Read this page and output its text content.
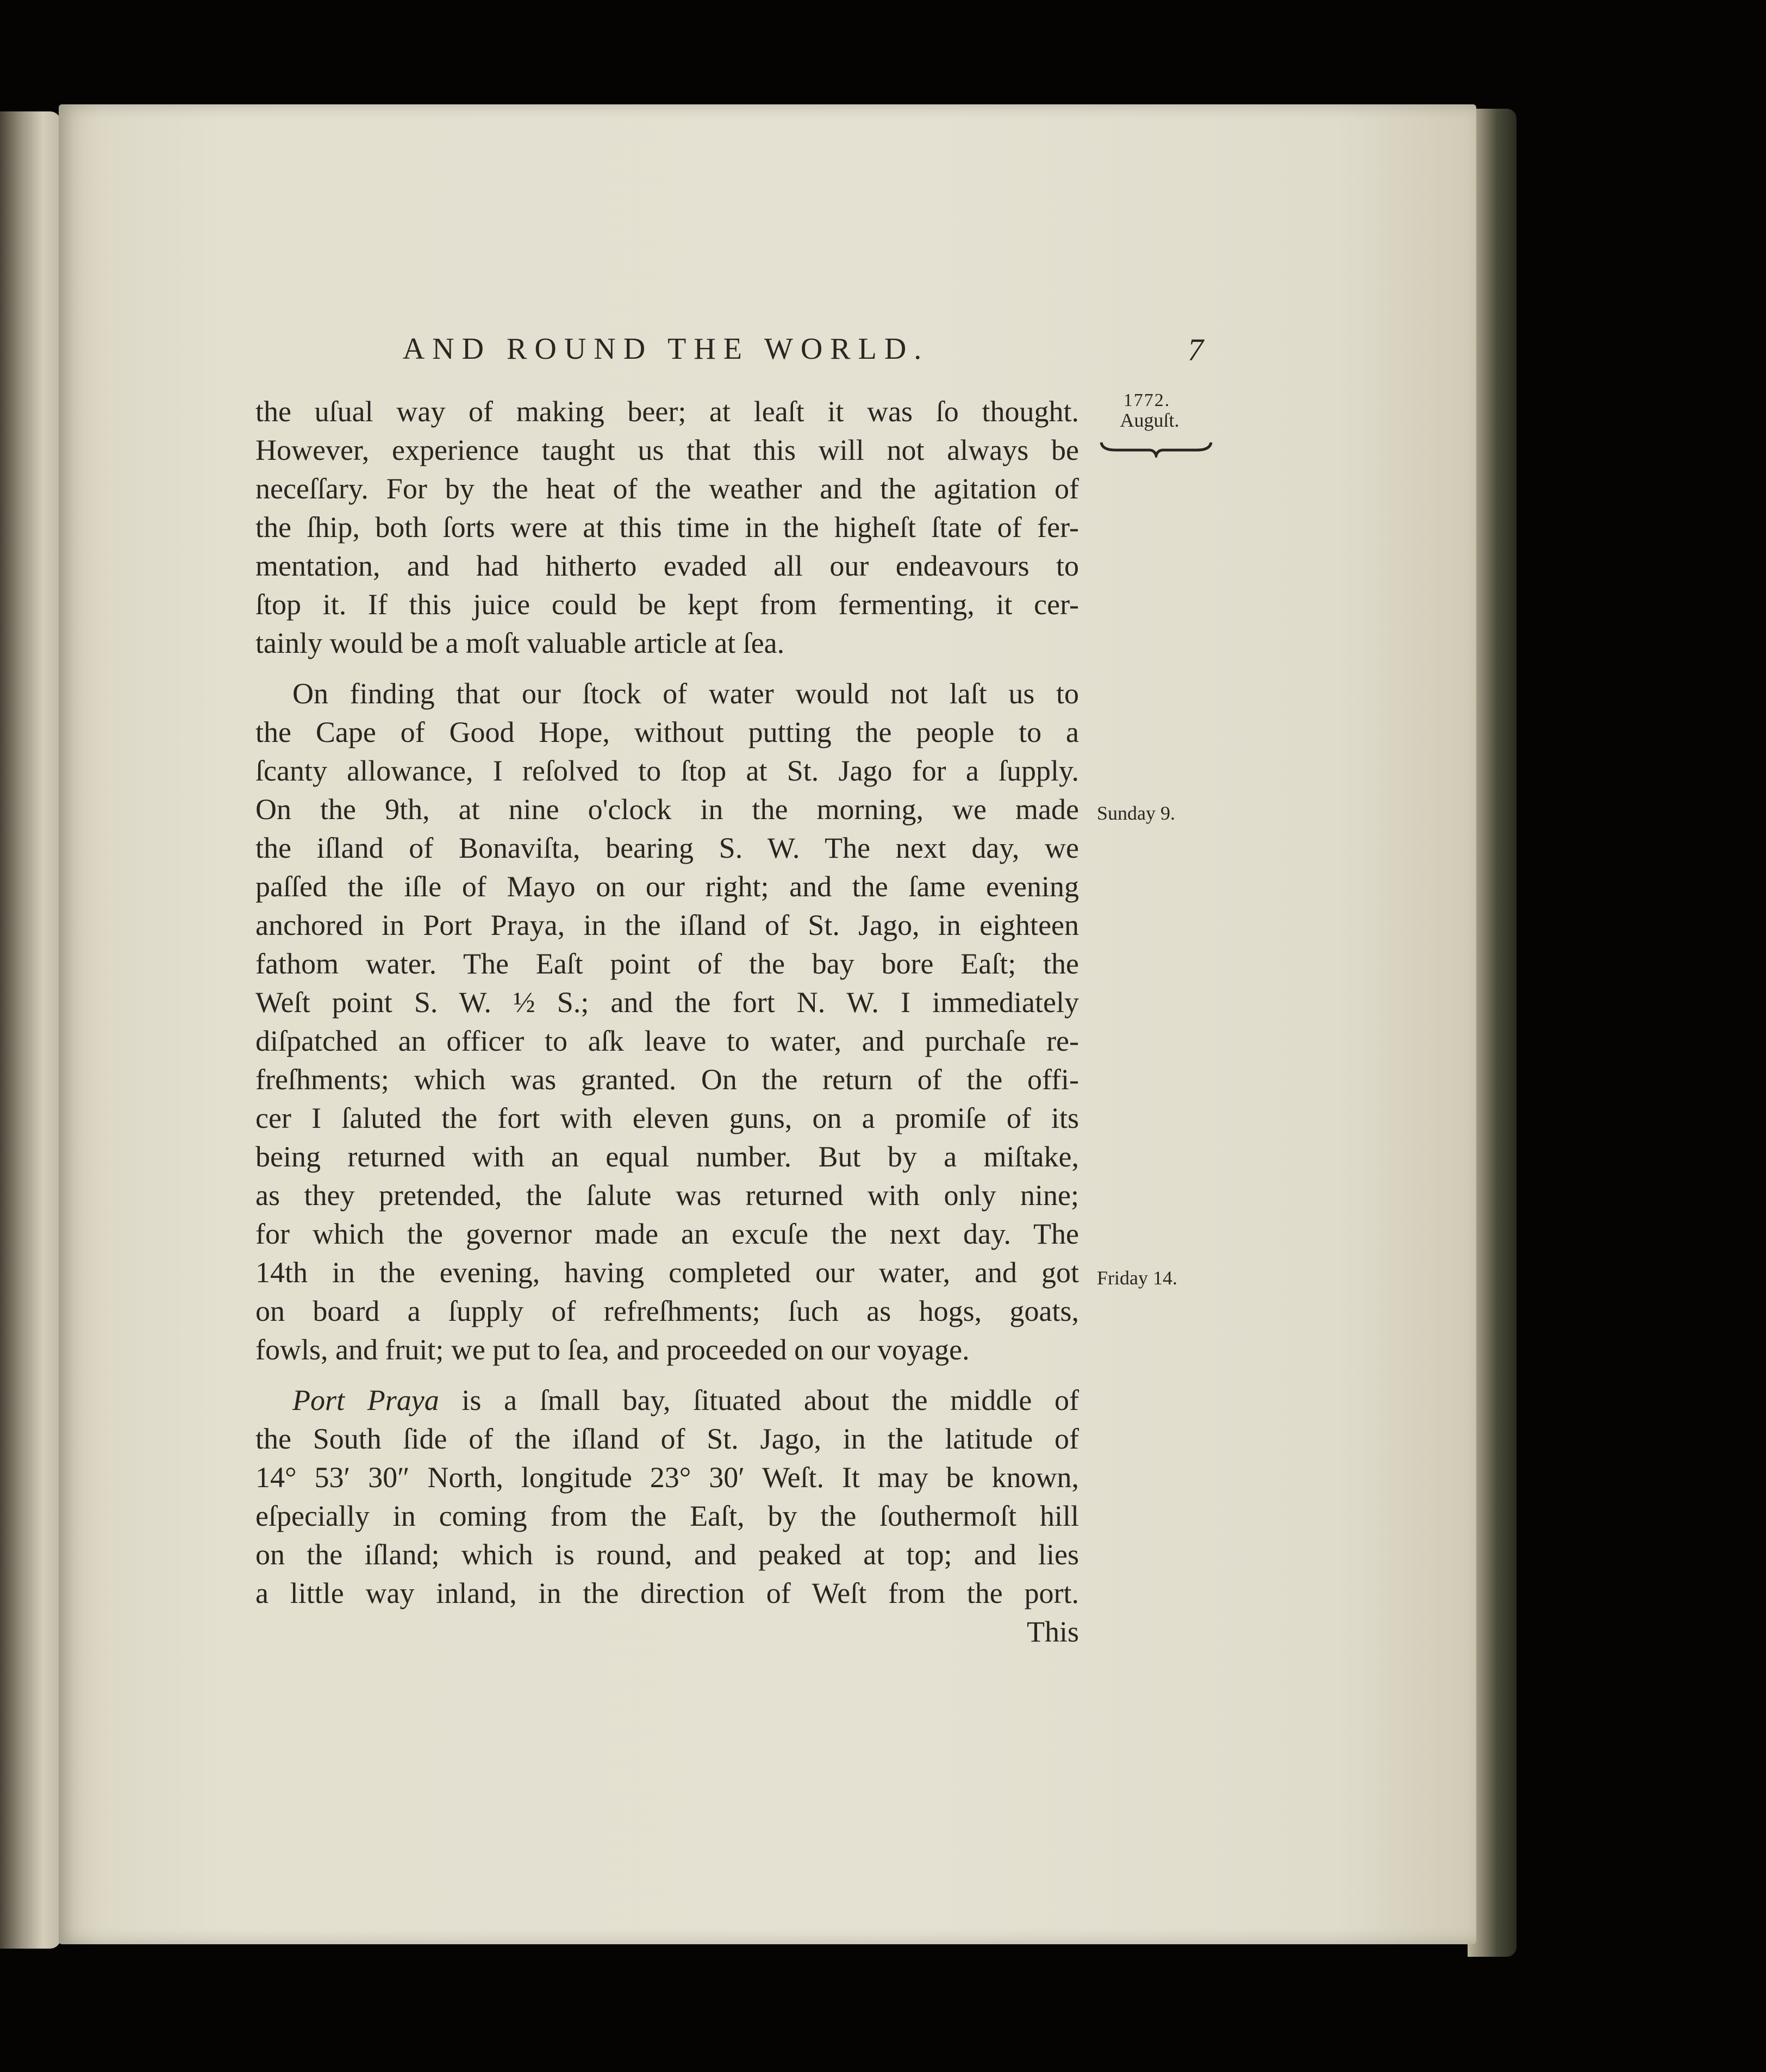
AND ROUND THE WORLD.	7
1772.
Auguſt.
Sunday 9.
Friday 14.
the uſual way of making beer; at leaſt it was ſo thought.
However, experience taught us that this will not always be
neceſſary. For by the heat of the weather and the agitation of
the ſhip, both ſorts were at this time in the higheſt ſtate of fer-
mentation, and had hitherto evaded all our endeavours to
ſtop it. If this juice could be kept from fermenting, it cer-
tainly would be a moſt valuable article at ſea.
On finding that our ſtock of water would not laſt us to
the Cape of Good Hope, without putting the people to a
ſcanty allowance, I reſolved to ſtop at St. Jago for a ſupply.
On the 9th, at nine o'clock in the morning, we made
the iſland of Bonaviſta, bearing S. W. The next day, we
paſſed the iſle of Mayo on our right; and the ſame evening
anchored in Port Praya, in the iſland of St. Jago, in eighteen
fathom water. The Eaſt point of the bay bore Eaſt; the
Weſt point S. W. ½ S.; and the fort N. W. I immediately
diſpatched an officer to aſk leave to water, and purchaſe re-
freſhments; which was granted. On the return of the offi-
cer I ſaluted the fort with eleven guns, on a promiſe of its
being returned with an equal number. But by a miſtake,
as they pretended, the ſalute was returned with only nine;
for which the governor made an excuſe the next day. The
14th in the evening, having completed our water, and got
on board a ſupply of refreſhments; ſuch as hogs, goats,
fowls, and fruit; we put to ſea, and proceeded on our voyage.
Port Praya is a ſmall bay, ſituated about the middle of
the South ſide of the iſland of St. Jago, in the latitude of
14° 53′ 30″ North, longitude 23° 30′ Weſt. It may be known,
eſpecially in coming from the Eaſt, by the ſouthermoſt hill
on the iſland; which is round, and peaked at top; and lies
a little way inland, in the direction of Weſt from the port.
This
